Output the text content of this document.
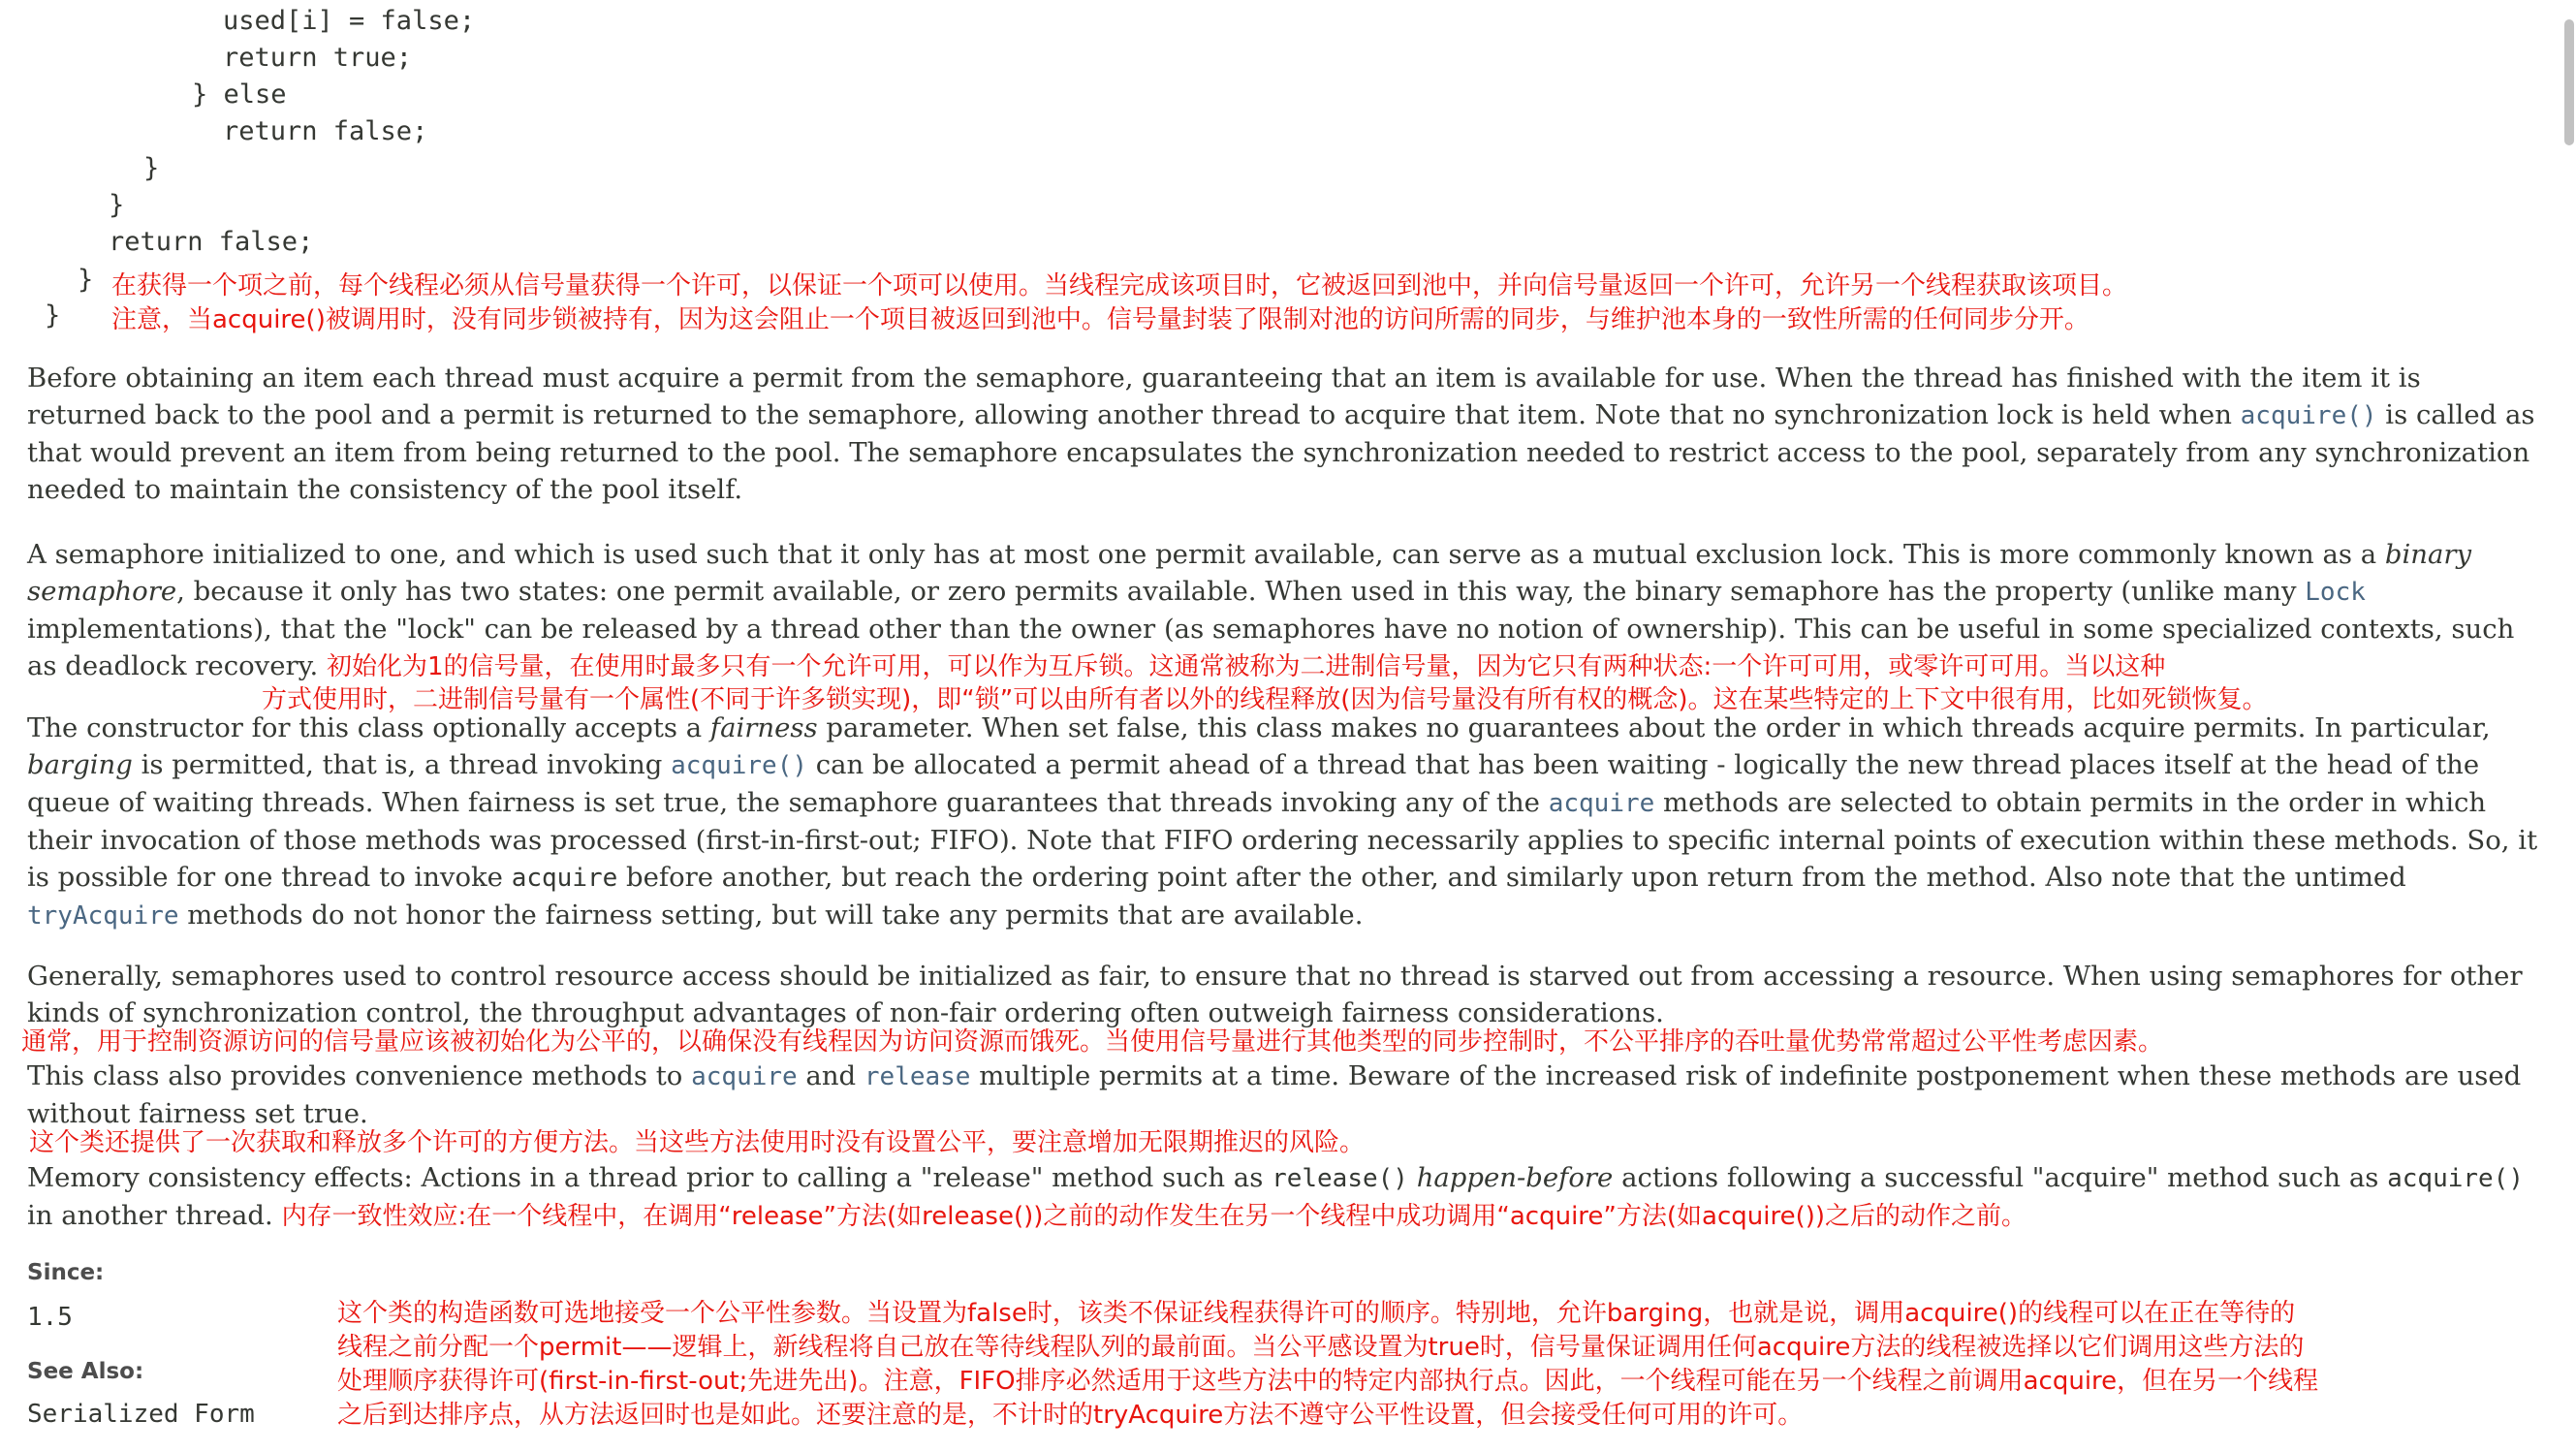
used[i] = false;

return true;

} else

return false;

}

}

return false;

}

}

在获得一个项之前，每个线程必须从信号量获得一个许可，以保证一个项可以使用。当线程完成该项目时，它被返回到池中，并向信号量返回一个许可，允许另一个线程获取该项目。
注意，当acquire()被调用时，没有同步锁被持有，因为这会阻止一个项目被返回到池中。信号量封装了限制对池的访问所需的同步，与维护池本身的一致性所需的任何同步分开。

Before obtaining an item each thread must acquire a permit from the semaphore, guaranteeing that an item is available for use. When the thread has finished with the item it is returned back to the pool and a permit is returned to the semaphore, allowing another thread to acquire that item. Note that no synchronization lock is held when acquire() is called as that would prevent an item from being returned to the pool. The semaphore encapsulates the synchronization needed to restrict access to the pool, separately from any synchronization needed to maintain the consistency of the pool itself.

A semaphore initialized to one, and which is used such that it only has at most one permit available, can serve as a mutual exclusion lock. This is more commonly known as a binary semaphore, because it only has two states: one permit available, or zero permits available. When used in this way, the binary semaphore has the property (unlike many Lock implementations), that the "lock" can be released by a thread other than the owner (as semaphores have no notion of ownership). This can be useful in some specialized contexts, such as deadlock recovery. 初始化为1的信号量，在使用时最多只有一个允许可用，可以作为互斥锁。这通常被称为二进制信号量，因为它只有两种状态:一个许可可用，或零许可可用。当以这种

方式使用时，二进制信号量有一个属性(不同于许多锁实现)，即“锁”可以由所有者以外的线程释放(因为信号量没有所有权的概念)。这在某些特定的上下文中很有用，比如死锁恢复。

The constructor for this class optionally accepts a fairness parameter. When set false, this class makes no guarantees about the order in which threads acquire permits. In particular, barging is permitted, that is, a thread invoking acquire() can be allocated a permit ahead of a thread that has been waiting - logically the new thread places itself at the head of the queue of waiting threads. When fairness is set true, the semaphore guarantees that threads invoking any of the acquire methods are selected to obtain permits in the order in which their invocation of those methods was processed (first-in-first-out; FIFO). Note that FIFO ordering necessarily applies to specific internal points of execution within these methods. So, it is possible for one thread to invoke acquire before another, but reach the ordering point after the other, and similarly upon return from the method. Also note that the untimed tryAcquire methods do not honor the fairness setting, but will take any permits that are available.

Generally, semaphores used to control resource access should be initialized as fair, to ensure that no thread is starved out from accessing a resource. When using semaphores for other kinds of synchronization control, the throughput advantages of non-fair ordering often outweigh fairness considerations.

通常，用于控制资源访问的信号量应该被初始化为公平的，以确保没有线程因为访问资源而饿死。当使用信号量进行其他类型的同步控制时，不公平排序的吞吐量优势常常超过公平性考虑因素。

This class also provides convenience methods to acquire and release multiple permits at a time. Beware of the increased risk of indefinite postponement when these methods are used without fairness set true.

这个类还提供了一次获取和释放多个许可的方便方法。当这些方法使用时没有设置公平，要注意增加无限期推迟的风险。

Memory consistency effects: Actions in a thread prior to calling a "release" method such as release() happen-before actions following a successful "acquire" method such as acquire() in another thread. 内存一致性效应:在一个线程中，在调用“release”方法(如release())之前的动作发生在另一个线程中成功调用“acquire”方法(如acquire())之后的动作之前。

Since:
1.5
See Also:
Serialized Form
这个类的构造函数可选地接受一个公平性参数。当设置为false时，该类不保证线程获得许可的顺序。特别地，允许barging，也就是说，调用acquire()的线程可以在正在等待的
线程之前分配一个permit——逻辑上，新线程将自己放在等待线程队列的最前面。当公平感设置为true时，信号量保证调用任何acquire方法的线程被选择以它们调用这些方法的
处理顺序获得许可(first-in-first-out;先进先出)。注意，FIFO排序必然适用于这些方法中的特定内部执行点。因此，一个线程可能在另一个线程之前调用acquire，但在另一个线程
之后到达排序点，从方法返回时也是如此。还要注意的是，不计时的tryAcquire方法不遵守公平性设置，但会接受任何可用的许可。
